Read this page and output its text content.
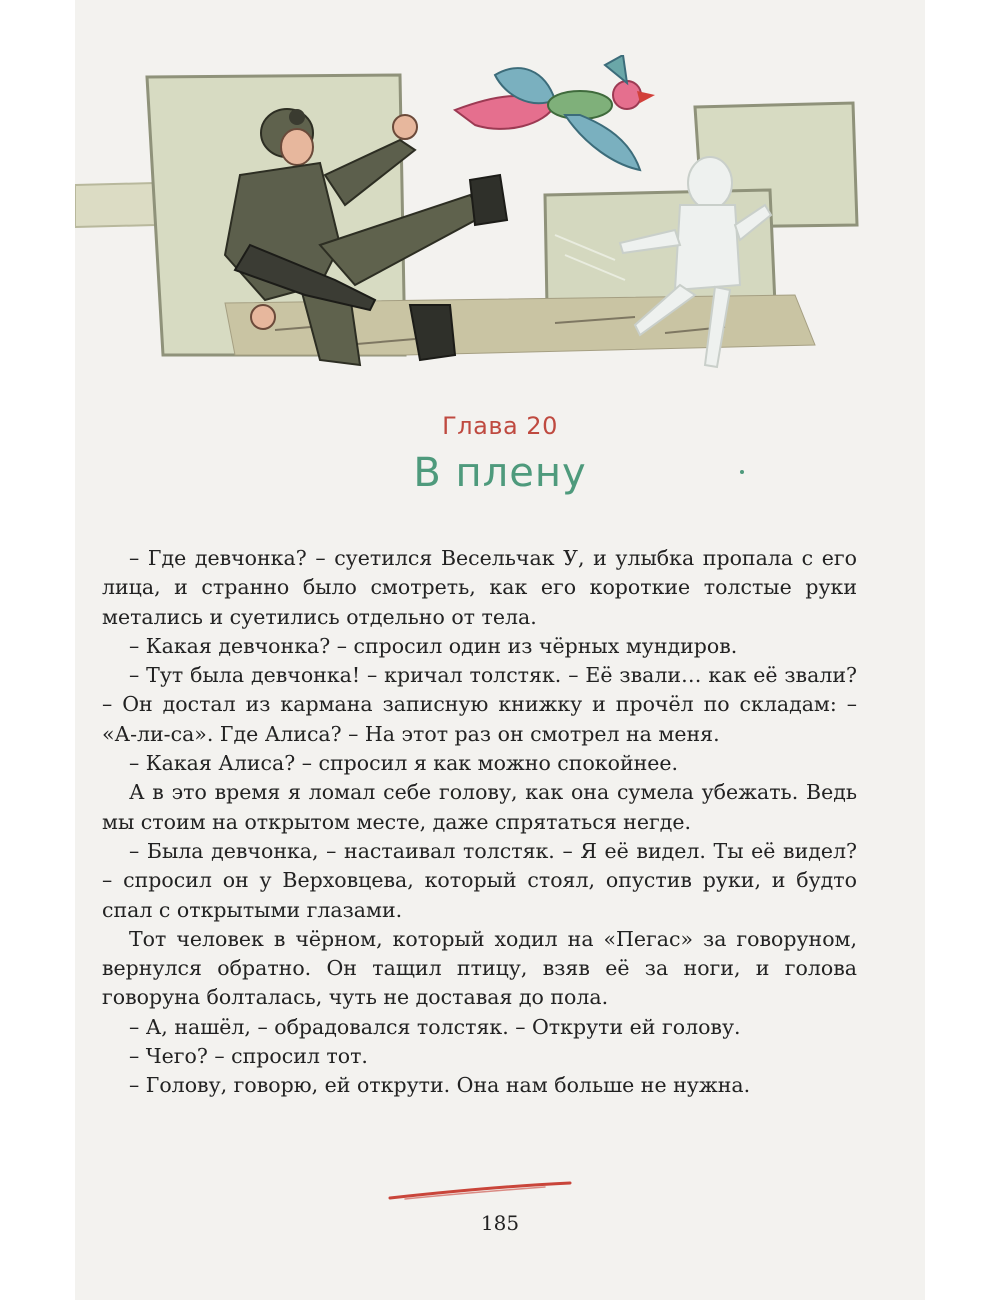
Глава 20
В плену

– Где девчонка? – суетился Весельчак У, и улыбка пропала с его лица, и странно было смотреть, как его короткие толстые руки метались и суетились отдельно от тела.

– Какая девчонка? – спросил один из чёрных мундиров.

– Тут была девчонка! – кричал толстяк. – Её звали… как её звали? – Он достал из кармана записную книжку и прочёл по складам: – «А-ли-са». Где Алиса? – На этот раз он смотрел на меня.

– Какая Алиса? – спросил я как можно спокойнее.

А в это время я ломал себе голову, как она сумела убежать. Ведь мы стоим на открытом месте, даже спрятаться негде.

– Была девчонка, – настаивал толстяк. – Я её видел. Ты её видел? – спросил он у Верховцева, который стоял, опустив руки, и будто спал с открытыми глазами.

Тот человек в чёрном, который ходил на «Пегас» за говоруном, вернулся обратно. Он тащил птицу, взяв её за ноги, и голова говоруна болталась, чуть не доставая до пола.

– А, нашёл, – обрадовался толстяк. – Открути ей голову.

– Чего? – спросил тот.

– Голову, говорю, ей открути. Она нам больше не нужна.

185
